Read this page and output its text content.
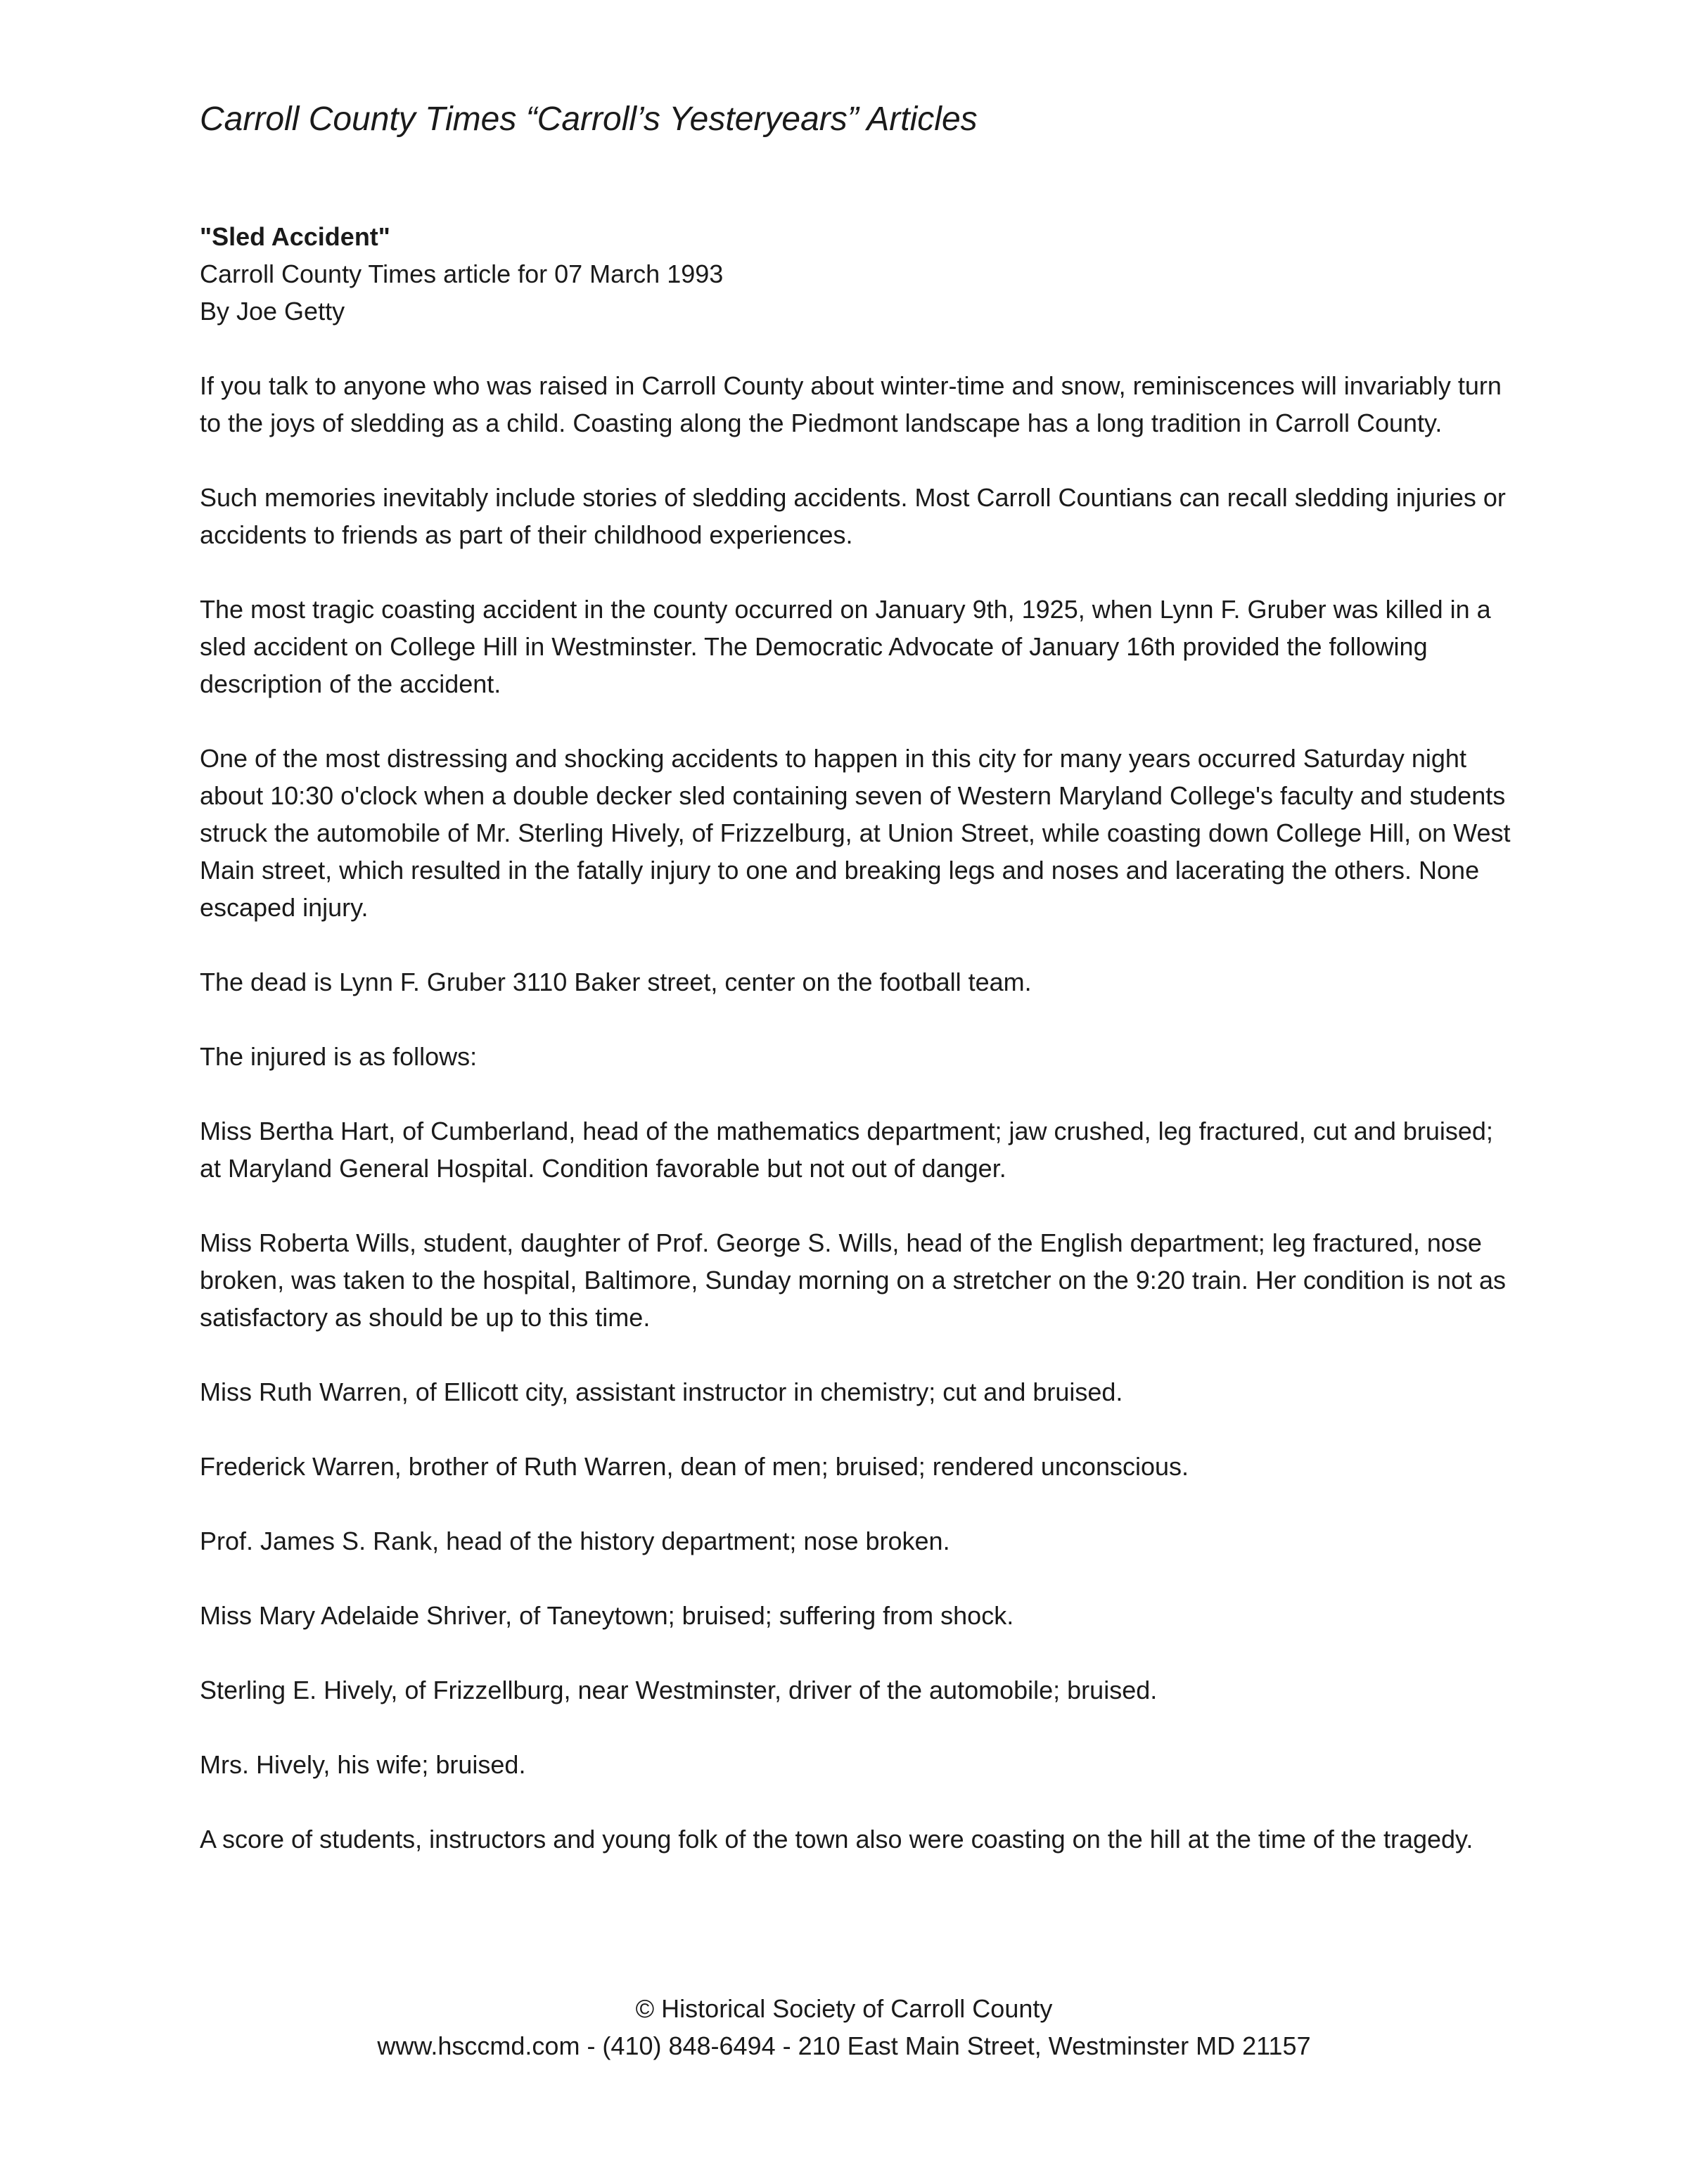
Carroll County Times “Carroll’s Yesteryears” Articles

"Sled Accident"
Carroll County Times article for 07 March 1993
By Joe Getty

If you talk to anyone who was raised in Carroll County about winter-time and snow, reminiscences will invariably turn to the joys of sledding as a child. Coasting along the Piedmont landscape has a long tradition in Carroll County.

Such memories inevitably include stories of sledding accidents. Most Carroll Countians can recall sledding injuries or accidents to friends as part of their childhood experiences.

The most tragic coasting accident in the county occurred on January 9th, 1925, when Lynn F. Gruber was killed in a sled accident on College Hill in Westminster. The Democratic Advocate of January 16th provided the following description of the accident.

One of the most distressing and shocking accidents to happen in this city for many years occurred Saturday night about 10:30 o'clock when a double decker sled containing seven of Western Maryland College's faculty and students struck the automobile of Mr. Sterling Hively, of Frizzelburg, at Union Street, while coasting down College Hill, on West Main street, which resulted in the fatally injury to one and breaking legs and noses and lacerating the others. None escaped injury.

The dead is Lynn F. Gruber 3110 Baker street, center on the football team.

The injured is as follows:

Miss Bertha Hart, of Cumberland, head of the mathematics department; jaw crushed, leg fractured, cut and bruised; at Maryland General Hospital. Condition favorable but not out of danger.

Miss Roberta Wills, student, daughter of Prof. George S. Wills, head of the English department; leg fractured, nose broken, was taken to the hospital, Baltimore, Sunday morning on a stretcher on the 9:20 train. Her condition is not as satisfactory as should be up to this time.

Miss Ruth Warren, of Ellicott city, assistant instructor in chemistry; cut and bruised.

Frederick Warren, brother of Ruth Warren, dean of men; bruised; rendered unconscious.

Prof. James S. Rank, head of the history department; nose broken.

Miss Mary Adelaide Shriver, of Taneytown; bruised; suffering from shock.

Sterling E. Hively, of Frizzellburg, near Westminster, driver of the automobile; bruised.

Mrs. Hively, his wife; bruised.

A score of students, instructors and young folk of the town also were coasting on the hill at the time of the tragedy.

© Historical Society of Carroll County
www.hsccmd.com - (410) 848-6494 - 210 East Main Street, Westminster MD 21157
